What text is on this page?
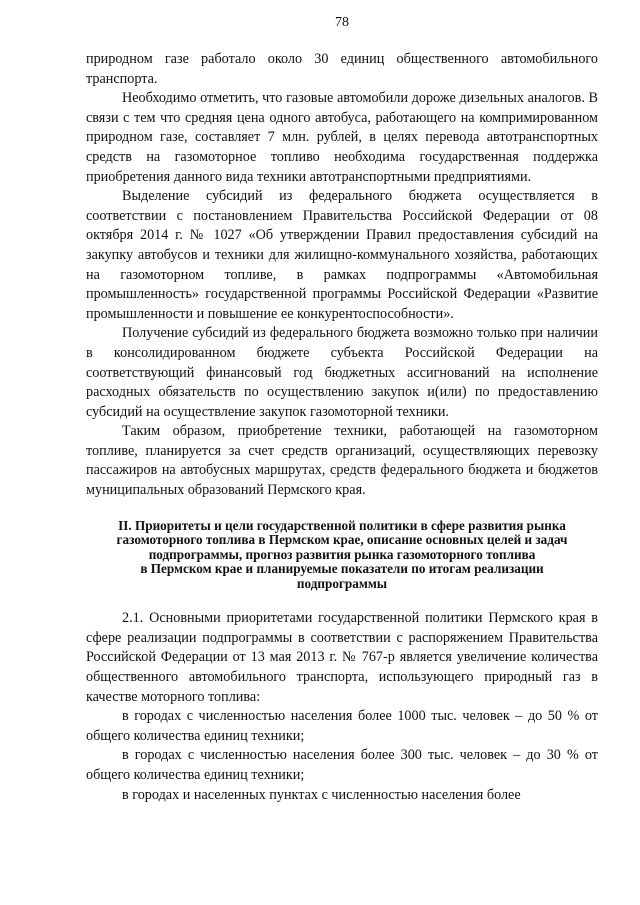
78

природном газе работало около 30 единиц общественного автомобильного транспорта.

Необходимо отметить, что газовые автомобили дороже дизельных аналогов. В связи с тем что средняя цена одного автобуса, работающего на компримированном природном газе, составляет 7 млн. рублей, в целях перевода автотранспортных средств на газомоторное топливо необходима государственная поддержка приобретения данного вида техники автотранспортными предприятиями.

Выделение субсидий из федерального бюджета осуществляется в соответствии с постановлением Правительства Российской Федерации от 08 октября 2014 г. № 1027 «Об утверждении Правил предоставления субсидий на закупку автобусов и техники для жилищно-коммунального хозяйства, работающих на газомоторном топливе, в рамках подпрограммы «Автомобильная промышленность» государственной программы Российской Федерации «Развитие промышленности и повышение ее конкурентоспособности».

Получение субсидий из федерального бюджета возможно только при наличии в консолидированном бюджете субъекта Российской Федерации на соответствующий финансовый год бюджетных ассигнований на исполнение расходных обязательств по осуществлению закупок и(или) по предоставлению субсидий на осуществление закупок газомоторной техники.

Таким образом, приобретение техники, работающей на газомоторном топливе, планируется за счет средств организаций, осуществляющих перевозку пассажиров на автобусных маршрутах, средств федерального бюджета и бюджетов муниципальных образований Пермского края.

II. Приоритеты и цели государственной политики в сфере развития рынка
газомоторного топлива в Пермском крае, описание основных целей и задач
подпрограммы, прогноз развития рынка газомоторного топлива
в Пермском крае и планируемые показатели по итогам реализации
подпрограммы

2.1. Основными приоритетами государственной политики Пермского края в сфере реализации подпрограммы в соответствии с распоряжением Правительства Российской Федерации от 13 мая 2013 г. № 767-р является увеличение количества общественного автомобильного транспорта, использующего природный газ в качестве моторного топлива:

в городах с численностью населения более 1000 тыс. человек – до 50 % от общего количества единиц техники;

в городах с численностью населения более 300 тыс. человек – до 30 % от общего количества единиц техники;

в городах и населенных пунктах с численностью населения более
